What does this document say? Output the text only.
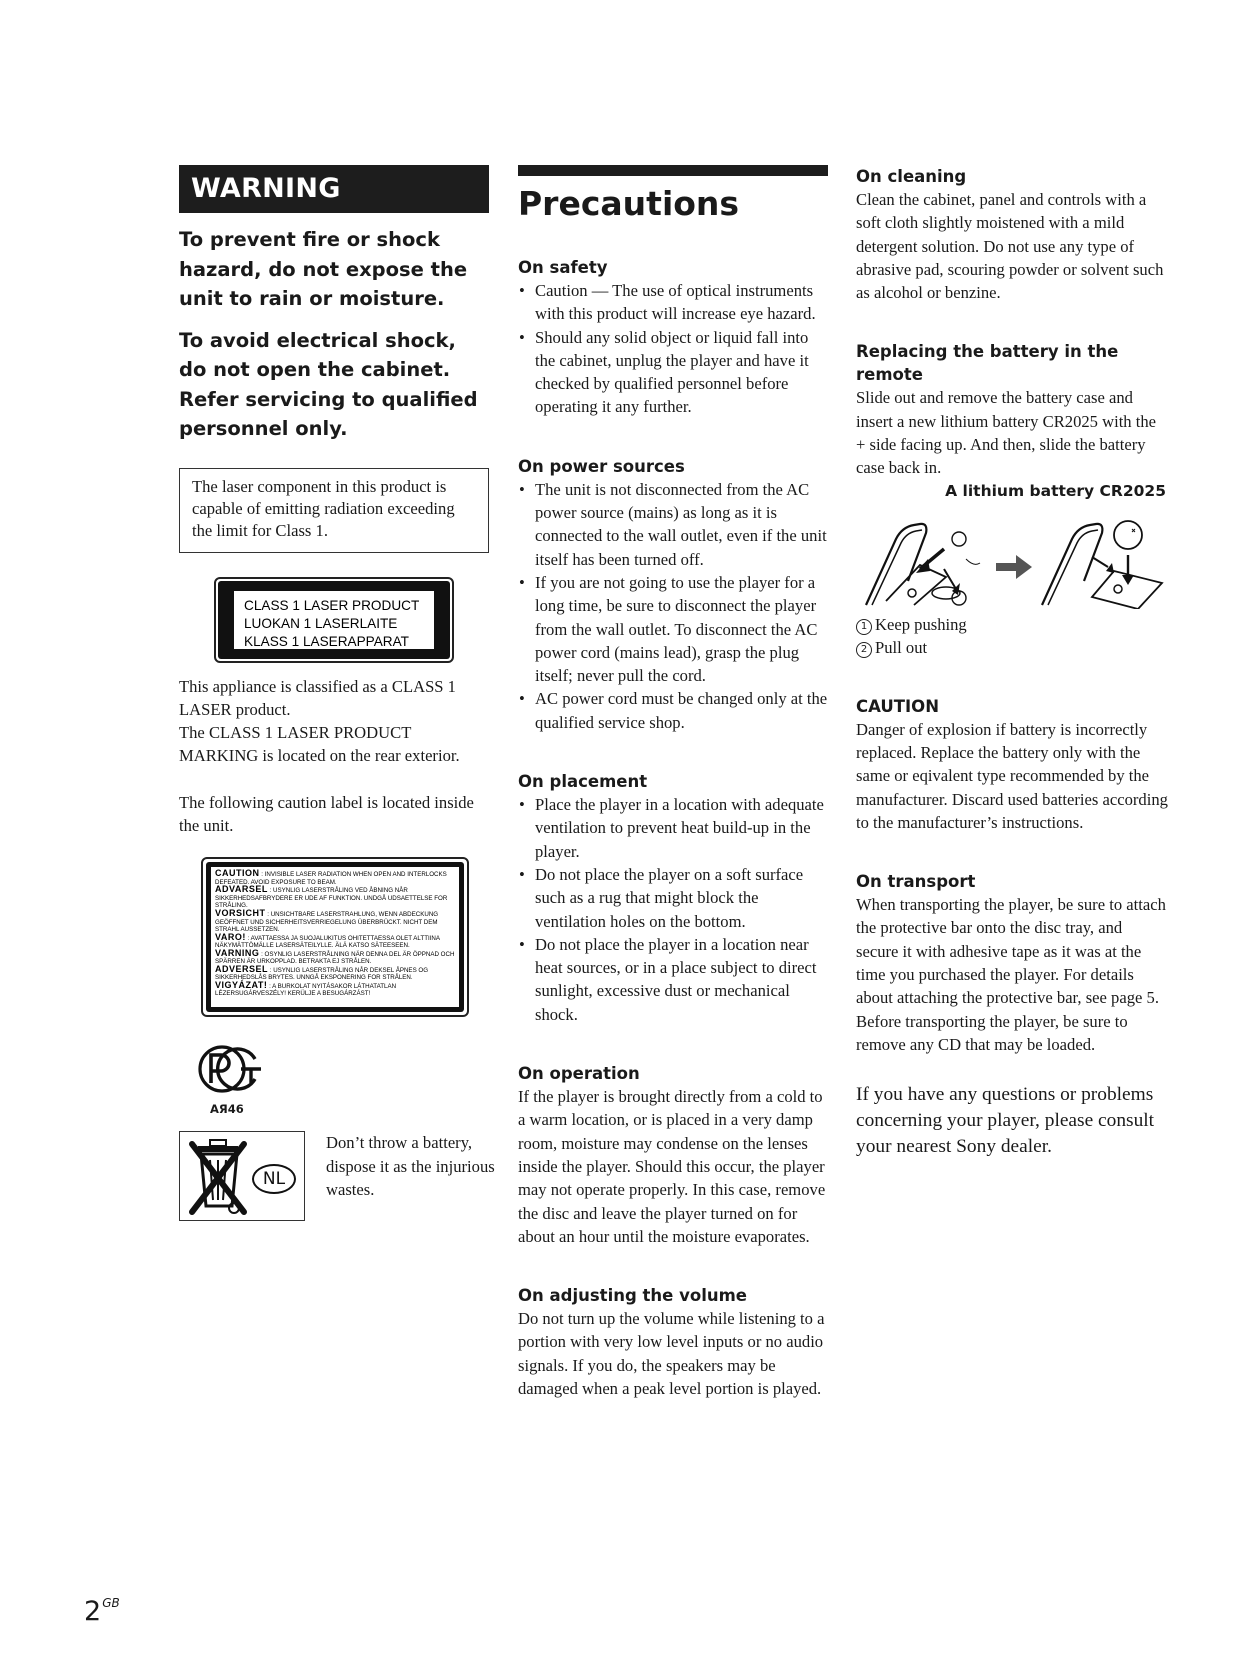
WARNING

To prevent fire or shock hazard, do not expose the unit to rain or moisture.

To avoid electrical shock, do not open the cabinet. Refer servicing to qualified personnel only.

The laser component in this product is capable of emitting radiation exceeding the limit for Class 1.
CLASS 1 LASER PRODUCT
LUOKAN 1 LASERLAITE
KLASS 1 LASERAPPARAT
This appliance is classified as a CLASS 1 LASER product.
The CLASS 1 LASER PRODUCT MARKING is located on the rear exterior.
The following caution label is located inside the unit.
CAUTION : INVISIBLE LASER RADIATION WHEN OPEN AND INTERLOCKS DEFEATED. AVOID EXPOSURE TO BEAM.
ADVARSEL : USYNLIG LASERSTRÅLING VED ÅBNING NÅR SIKKERHEDSAFBRYDERE ER UDE AF FUNKTION. UNDGÅ UDSAETTELSE FOR STRÅLING.
VORSICHT : UNSICHTBARE LASERSTRAHLUNG, WENN ABDECKUNG GEÖFFNET UND SICHERHEITSVERRIEGELUNG ÜBERBRÜCKT. NICHT DEM STRAHL AUSSETZEN.
VARO! : AVATTAESSA JA SUOJALUKITUS OHITETTAESSA OLET ALTTIINA NÄKYMÄTTÖMÄLLE LASERSÄTEILYLLE. ÄLÄ KATSO SÄTEESEEN.
VARNING : OSYNLIG LASERSTRÅLNING NÄR DENNA DEL ÄR ÖPPNAD OCH SPÄRREN ÄR URKOPPLAD. BETRAKTA EJ STRÅLEN.
ADVERSEL : USYNLIG LASERSTRÅLING NÅR DEKSEL ÅPNES OG SIKKERHEDSLÅS BRYTES. UNNGÅ EKSPONERING FOR STRÅLEN.
VIGYÁZAT! : A BURKOLAT NYITÁSAKOR LÁTHATATLAN LÉZERSUGÁRVESZÉLY! KERÜLJE A BESUGÁRZÁST!
АЯ46
NL
Don’t throw a battery, dispose it as the injurious wastes.
Precautions
On safety
• Caution — The use of optical instruments with this product will increase eye hazard.
• Should any solid object or liquid fall into the cabinet, unplug the player and have it checked by qualified personnel before operating it any further.
On power sources
• The unit is not disconnected from the AC power source (mains) as long as it is connected to the wall outlet, even if the unit itself has been turned off.
• If you are not going to use the player for a long time, be sure to disconnect the player from the wall outlet. To disconnect the AC power cord (mains lead), grasp the plug itself; never pull the cord.
• AC power cord must be changed only at the qualified service shop.
On placement
• Place the player in a location with adequate ventilation to prevent heat build-up in the player.
• Do not place the player on a soft surface such as a rug that might block the ventilation holes on the bottom.
• Do not place the player in a location near heat sources, or in a place subject to direct sunlight, excessive dust or mechanical shock.
On operation

If the player is brought directly from a cold to a warm location, or is placed in a very damp room, moisture may condense on the lenses inside the player. Should this occur, the player may not operate properly. In this case, remove the disc and leave the player turned on for about an hour until the moisture evaporates.

On adjusting the volume

Do not turn up the volume while listening to a portion with very low level inputs or no audio signals. If you do, the speakers may be damaged when a peak level portion is played.

On cleaning

Clean the cabinet, panel and controls with a soft cloth slightly moistened with a mild detergent solution. Do not use any type of abrasive pad, scouring powder or solvent such as alcohol or benzine.

Replacing the battery in the remote

Slide out and remove the battery case and insert a new lithium battery CR2025 with the + side facing up. And then, slide the battery case back in.

A lithium battery CR2025
1 Keep pushing
2 Pull out
CAUTION

Danger of explosion if battery is incorrectly replaced. Replace the battery only with the same or eqivalent type recommended by the manufacturer. Discard used batteries according to the manufacturer’s instructions.

On transport

When transporting the player, be sure to attach the protective bar onto the disc tray, and secure it with adhesive tape as it was at the time you purchased the player. For details about attaching the protective bar, see page 5.

Before transporting the player, be sure to remove any CD that may be loaded.

If you have any questions or problems concerning your player, please consult your nearest Sony dealer.
$2^{GB}$
